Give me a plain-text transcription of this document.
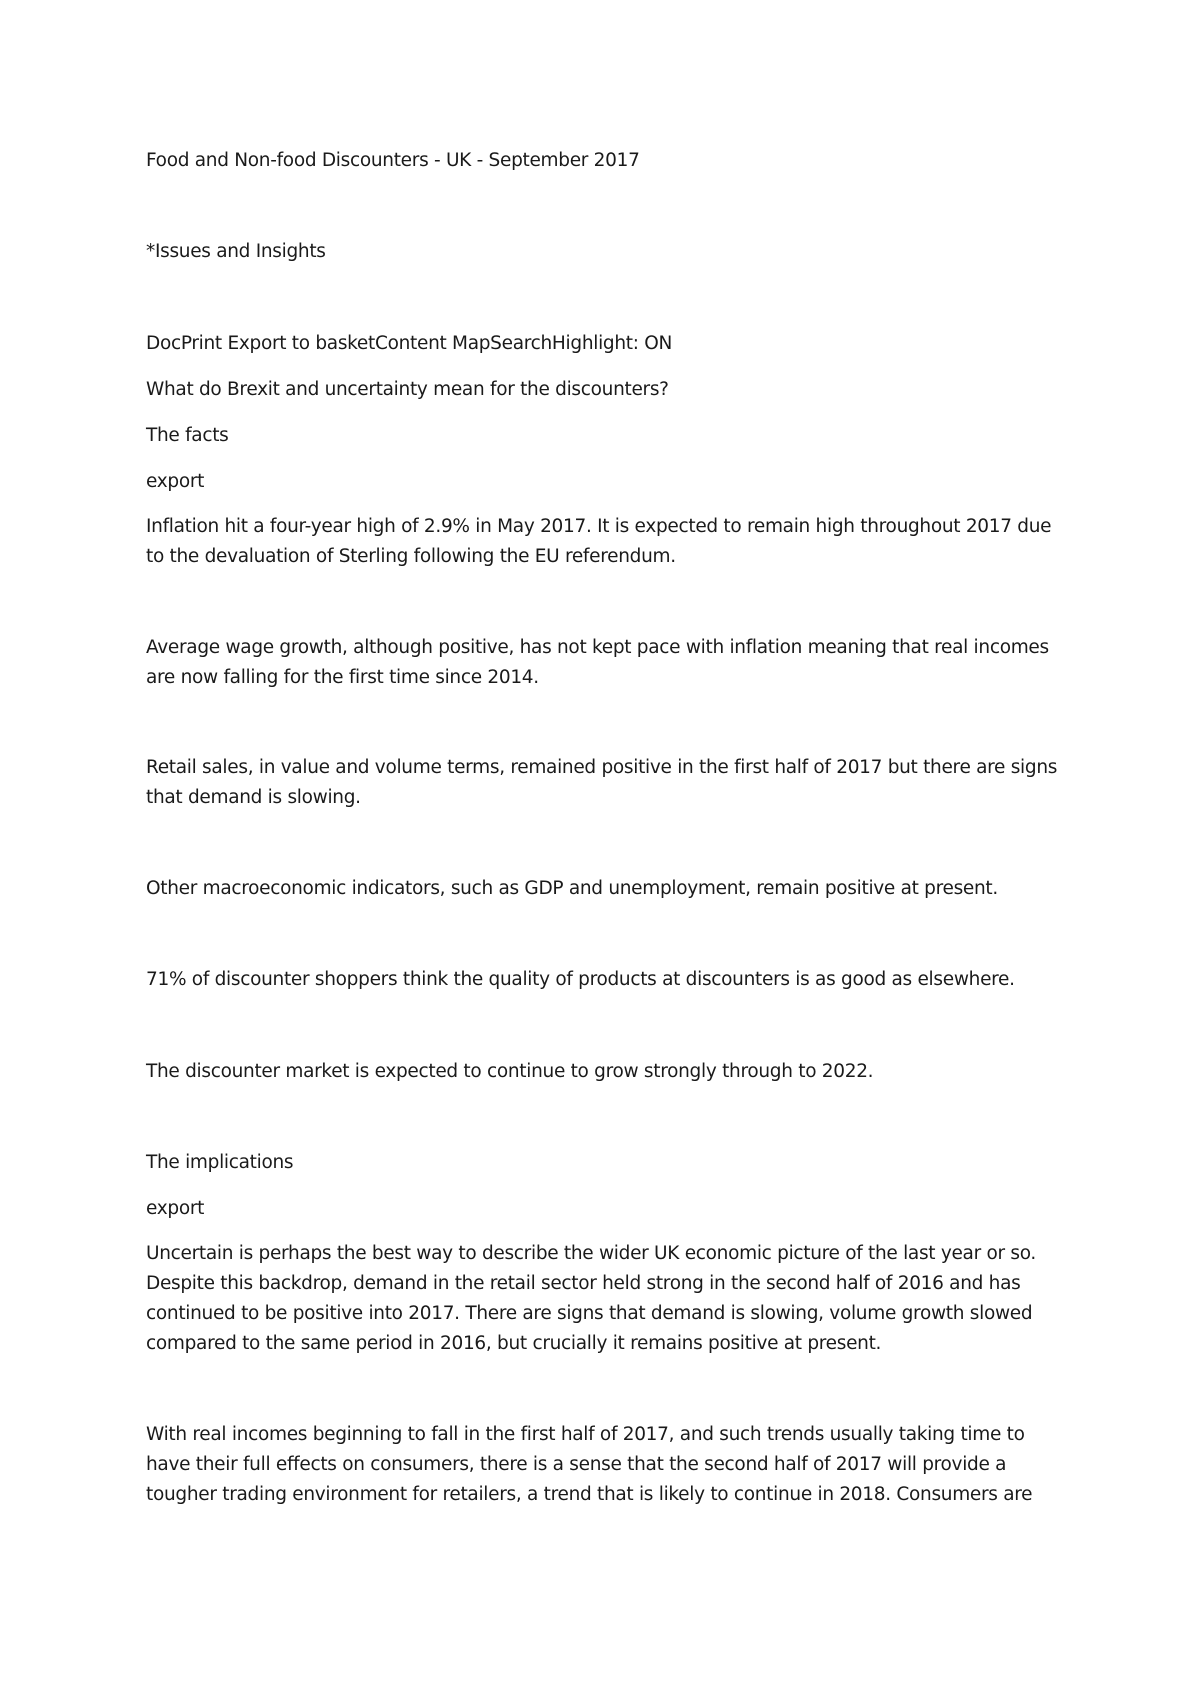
Food and Non-food Discounters - UK - September 2017

*Issues and Insights

DocPrint Export to basketContent MapSearchHighlight: ON

What do Brexit and uncertainty mean for the discounters?

The facts

export

Inflation hit a four-year high of 2.9% in May 2017. It is expected to remain high throughout 2017 due to the devaluation of Sterling following the EU referendum.

Average wage growth, although positive, has not kept pace with inflation meaning that real incomes are now falling for the first time since 2014.

Retail sales, in value and volume terms, remained positive in the first half of 2017 but there are signs that demand is slowing.

Other macroeconomic indicators, such as GDP and unemployment, remain positive at present.

71% of discounter shoppers think the quality of products at discounters is as good as elsewhere.

The discounter market is expected to continue to grow strongly through to 2022.

The implications

export

Uncertain is perhaps the best way to describe the wider UK economic picture of the last year or so. Despite this backdrop, demand in the retail sector held strong in the second half of 2016 and has continued to be positive into 2017. There are signs that demand is slowing, volume growth slowed compared to the same period in 2016, but crucially it remains positive at present.

With real incomes beginning to fall in the first half of 2017, and such trends usually taking time to have their full effects on consumers, there is a sense that the second half of 2017 will provide a tougher trading environment for retailers, a trend that is likely to continue in 2018. Consumers are
